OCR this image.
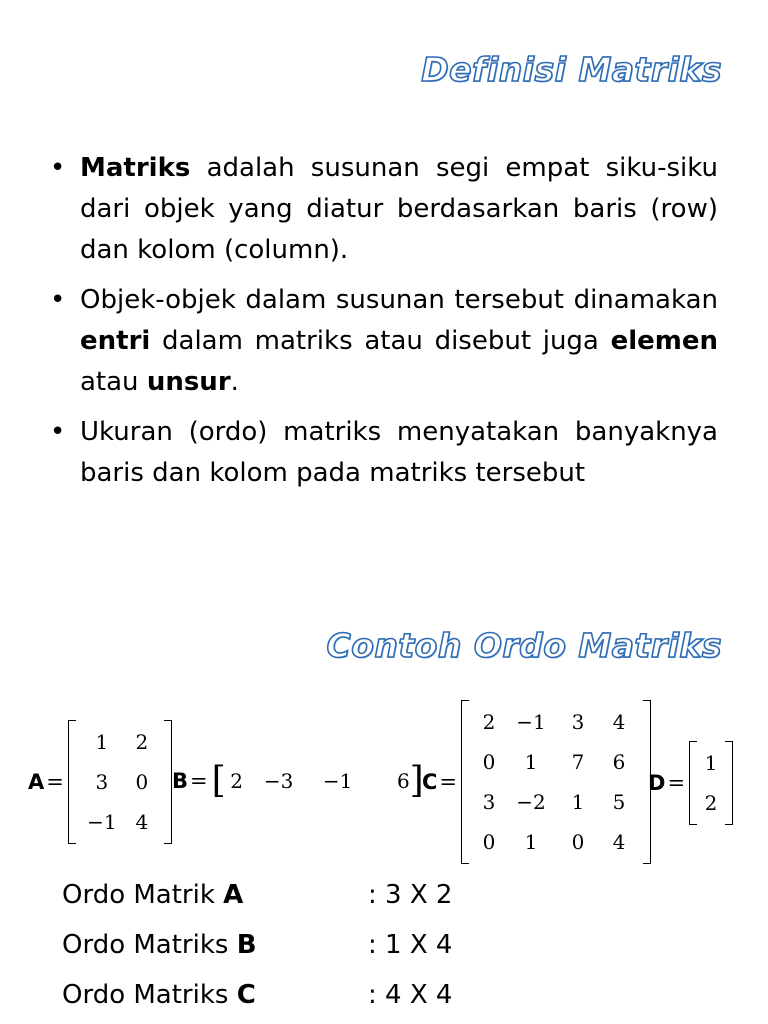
Definisi Matriks
• Matriks adalah susunan segi empat siku-siku dari objek yang diatur berdasarkan baris (row) dan kolom (column).
• Objek-objek dalam susunan tersebut dinamakan entri dalam matriks atau disebut juga elemen atau unsur.
• Ukuran (ordo) matriks menyatakan banyaknya baris dan kolom pada matriks tersebut
Contoh Ordo Matriks
A =
1	2
3	0
−1 4
B = [ 2	−3	−1	6 ]
C =
2	−1	3	4
0	1	7	6
3	−2	1	5
0	1	0	4
D =
1
2
Ordo Matrik A	: 3 X 2
Ordo Matriks B	: 1 X 4
Ordo Matriks C	: 4 X 4
